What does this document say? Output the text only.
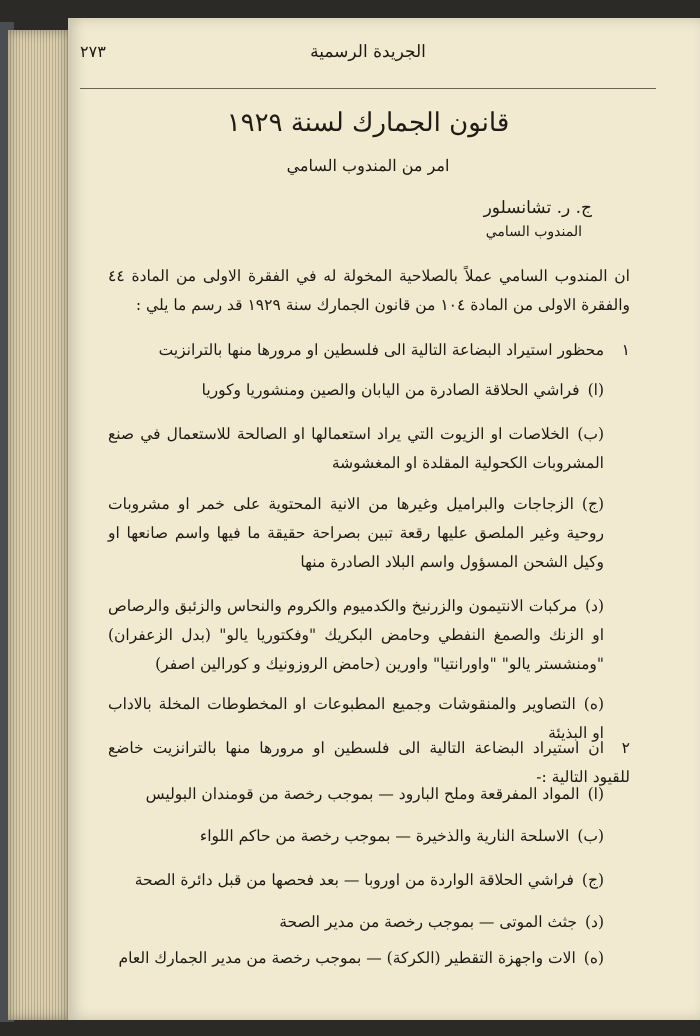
الجريدة الرسمية
٢٧٣
قانون الجمارك لسنة ١٩٢٩
امر من المندوب السامي
ج. ر. تشانسلور
المندوب السامي
ان المندوب السامي عملاً بالصلاحية المخولة له في الفقرة الاولى من المادة ٤٤ والفقرة الاولى من المادة ١٠٤ من قانون الجمارك سنة ١٩٢٩ قد رسم ما يلي :
١محظور استيراد البضاعة التالية الى فلسطين او مرورها منها بالترانزيت
(ا)فراشي الحلاقة الصادرة من اليابان والصين ومنشوريا وكوريا
(ب)الخلاصات او الزيوت التي يراد استعمالها او الصالحة للاستعمال في صنع المشروبات الكحولية المقلدة او المغشوشة
(ج)الزجاجات والبراميل وغيرها من الانية المحتوية على خمر او مشروبات روحية وغير الملصق عليها رقعة تبين بصراحة حقيقة ما فيها واسم صانعها او وكيل الشحن المسؤول واسم البلاد الصادرة منها
(د)مركبات الانتيمون والزرنيخ والكدميوم والكروم والنحاس والزئبق والرصاص او الزنك والصمغ النفطي وحامض البكريك "وفكتوريا يالو" (بدل الزعفران) "ومنشستر يالو" "واورانتيا" واورين (حامض الروزونيك و كورالين اصفر)
(ه)التصاوير والمنقوشات وجميع المطبوعات او المخطوطات المخلة بالاداب او البذيئة
٢ان استيراد البضاعة التالية الى فلسطين او مرورها منها بالترانزيت خاضع للقيود التالية :-
(ا)المواد المفرقعة وملح البارود — بموجب رخصة من قومندان البوليس
(ب)الاسلحة النارية والذخيرة — بموجب رخصة من حاكم اللواء
(ج)فراشي الحلاقة الواردة من اوروبا — بعد فحصها من قبل دائرة الصحة
(د)جثث الموتى — بموجب رخصة من مدير الصحة
(ه)الات واجهزة التقطير (الكركة) — بموجب رخصة من مدير الجمارك العام
